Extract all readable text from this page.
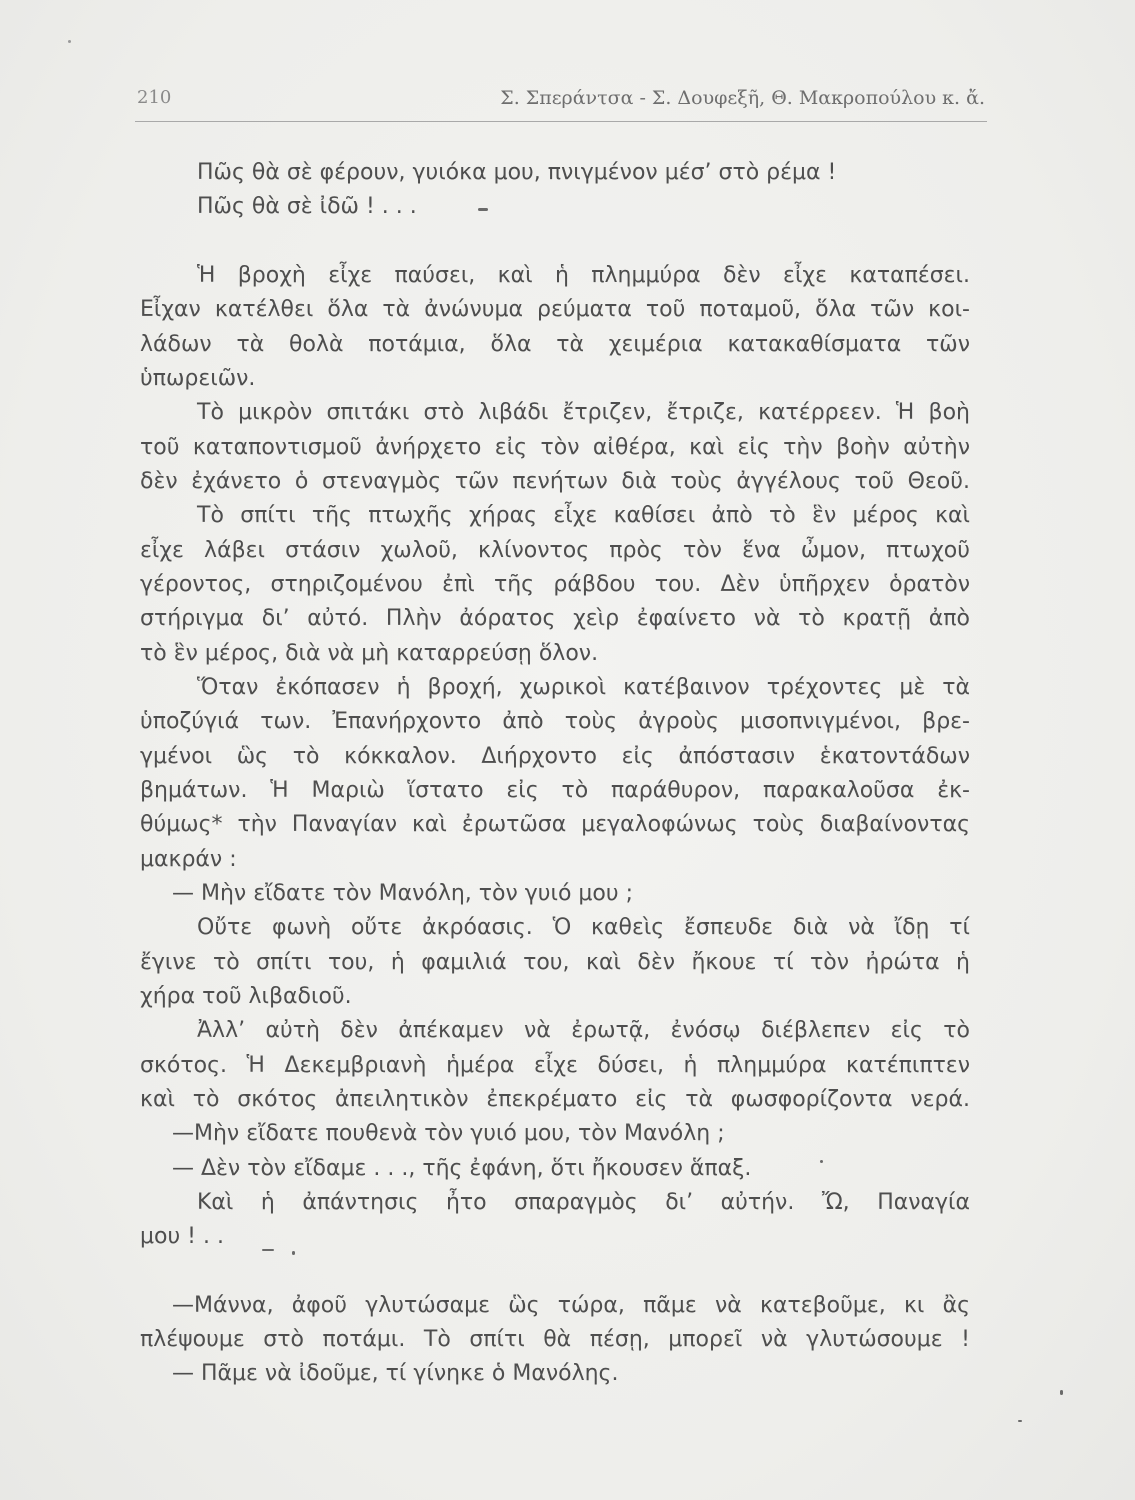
210	Σ. Σπεράντσα - Σ. Δουφεξῆ, Θ. Μακροπούλου κ. ἄ.
Πῶς θὰ σὲ φέρουν, γυιόκα μου, πνιγμένον μέσ’ στὸ ρέμα !
Πῶς θὰ σὲ ἰδῶ ! . . .
Ἡ βροχὴ εἶχε παύσει, καὶ ἡ πλημμύρα δὲν εἶχε καταπέσει.
Εἶχαν κατέλθει ὅλα τὰ ἀνώνυμα ρεύματα τοῦ ποταμοῦ, ὅλα τῶν κοι-
λάδων τὰ θολὰ ποτάμια, ὅλα τὰ χειμέρια κατακαθίσματα τῶν
ὑπωρειῶν.
Τὸ μικρὸν σπιτάκι στὸ λιβάδι ἔτριζεν, ἔτριζε, κατέρρεεν. Ἡ βοὴ
τοῦ καταποντισμοῦ ἀνήρχετο εἰς τὸν αἰθέρα, καὶ εἰς τὴν βοὴν αὐτὴν
δὲν ἐχάνετο ὁ στεναγμὸς τῶν πενήτων διὰ τοὺς ἀγγέλους τοῦ Θεοῦ.
Τὸ σπίτι τῆς πτωχῆς χήρας εἶχε καθίσει ἀπὸ τὸ ἓν μέρος καὶ
εἶχε λάβει στάσιν χωλοῦ, κλίνοντος πρὸς τὸν ἕνα ὦμον, πτωχοῦ
γέροντος, στηριζομένου ἐπὶ τῆς ράβδου του. Δὲν ὑπῆρχεν ὁρατὸν
στήριγμα δι’ αὐτό. Πλὴν ἀόρατος χεὶρ ἐφαίνετο νὰ τὸ κρατῇ ἀπὸ
τὸ ἓν μέρος, διὰ νὰ μὴ καταρρεύσῃ ὅλον.
Ὅταν ἐκόπασεν ἡ βροχή, χωρικοὶ κατέβαινον τρέχοντες μὲ τὰ
ὑποζύγιά των. Ἐπανήρχοντο ἀπὸ τοὺς ἀγροὺς μισοπνιγμένοι, βρε-
γμένοι ὣς τὸ κόκκαλον. Διήρχοντο εἰς ἀπόστασιν ἑκατοντάδων
βημάτων. Ἡ Μαριὼ ἵστατο εἰς τὸ παράθυρον, παρακαλοῦσα ἐκ-
θύμως* τὴν Παναγίαν καὶ ἐρωτῶσα μεγαλοφώνως τοὺς διαβαίνοντας
μακράν :
— Μὴν εἴδατε τὸν Μανόλη, τὸν γυιό μου ;
Οὔτε φωνὴ οὔτε ἀκρόασις. Ὁ καθεὶς ἔσπευδε διὰ νὰ ἴδῃ τί
ἔγινε τὸ σπίτι του, ἡ φαμιλιά του, καὶ δὲν ἤκουε τί τὸν ἠρώτα ἡ
χήρα τοῦ λιβαδιοῦ.
Ἀλλ’ αὐτὴ δὲν ἀπέκαμεν νὰ ἐρωτᾷ, ἐνόσῳ διέβλεπεν εἰς τὸ
σκότος. Ἡ Δεκεμβριανὴ ἡμέρα εἶχε δύσει, ἡ πλημμύρα κατέπιπτεν
καὶ τὸ σκότος ἀπειλητικὸν ἐπεκρέματο εἰς τὰ φωσφορίζοντα νερά.
—Μὴν εἴδατε πουθενὰ τὸν γυιό μου, τὸν Μανόλη ;
— Δὲν τὸν εἴδαμε . . ., τῆς ἐφάνη, ὅτι ἤκουσεν ἅπαξ.
Καὶ ἡ ἀπάντησις ἦτο σπαραγμὸς δι’ αὐτήν. Ὤ, Παναγία
μου ! . .
—Μάννα, ἀφοῦ γλυτώσαμε ὣς τώρα, πᾶμε νὰ κατεβοῦμε, κι ἂς
πλέψουμε στὸ ποτάμι. Τὸ σπίτι θὰ πέσῃ, μπορεῖ νὰ γλυτώσουμε !
— Πᾶμε νὰ ἰδοῦμε, τί γίνηκε ὁ Μανόλης.
